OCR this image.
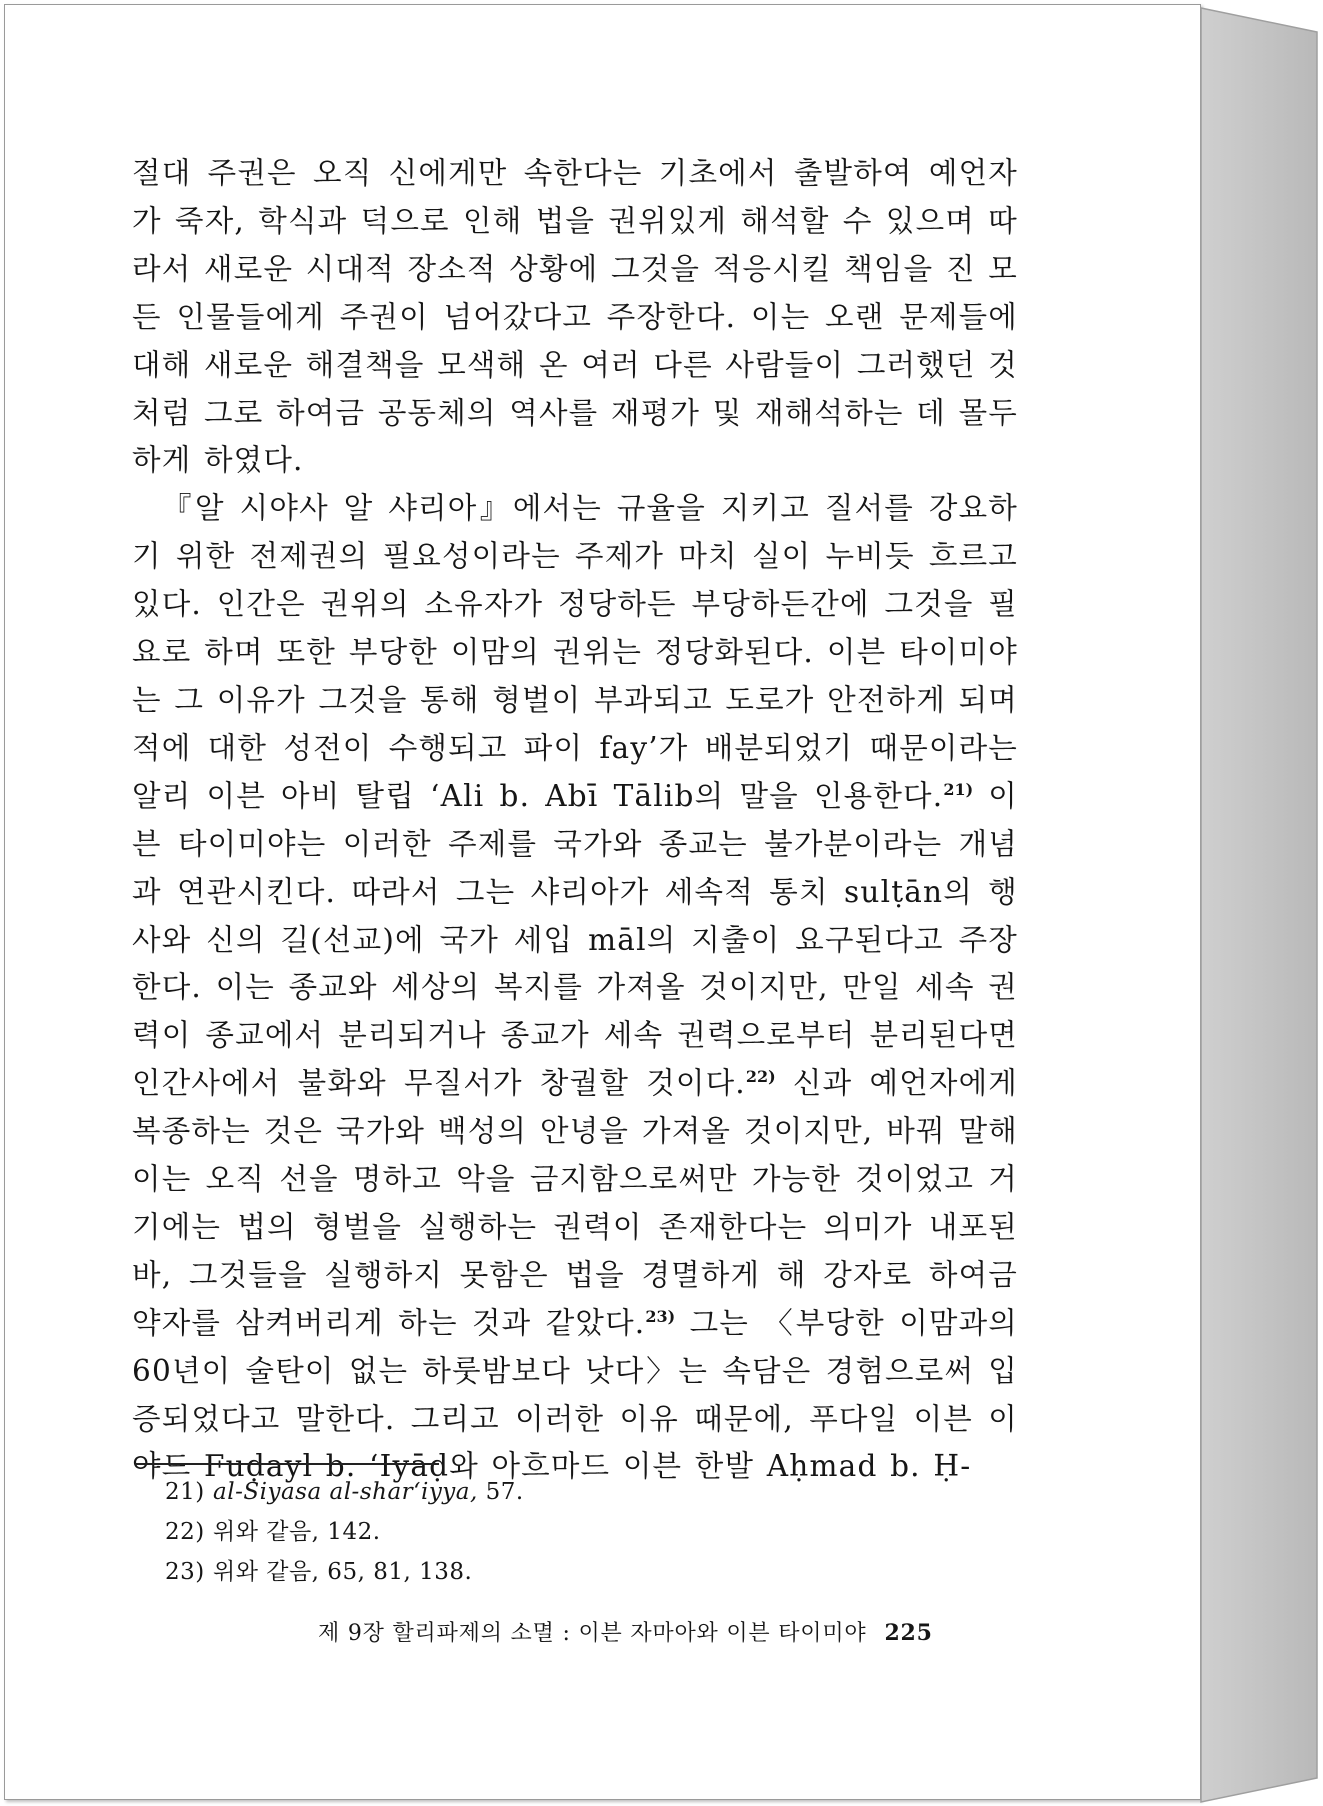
절대 주권은 오직 신에게만 속한다는 기초에서 출발하여 예언자가 죽자, 학식과 덕으로 인해 법을 권위있게 해석할 수 있으며 따라서 새로운 시대적 장소적 상황에 그것을 적응시킬 책임을 진 모든 인물들에게 주권이 넘어갔다고 주장한다. 이는 오랜 문제들에 대해 새로운 해결책을 모색해 온 여러 다른 사람들이 그러했던 것처럼 그로 하여금 공동체의 역사를 재평가 및 재해석하는 데 몰두하게 하였다.

『알 시야사 알 샤리아』에서는 규율을 지키고 질서를 강요하기 위한 전제권의 필요성이라는 주제가 마치 실이 누비듯 흐르고 있다. 인간은 권위의 소유자가 정당하든 부당하든간에 그것을 필요로 하며 또한 부당한 이맘의 권위는 정당화된다. 이븐 타이미야는 그 이유가 그것을 통해 형벌이 부과되고 도로가 안전하게 되며 적에 대한 성전이 수행되고 파이 fay’가 배분되었기 때문이라는 알리 이븐 아비 탈립 ‘Ali b. Abī Tālib의 말을 인용한다.$^{21)}$ 이븐 타이미야는 이러한 주제를 국가와 종교는 불가분이라는 개념과 연관시킨다. 따라서 그는 샤리아가 세속적 통치 sulṭān의 행사와 신의 길(선교)에 국가 세입 māl의 지출이 요구된다고 주장한다. 이는 종교와 세상의 복지를 가져올 것이지만, 만일 세속 권력이 종교에서 분리되거나 종교가 세속 권력으로부터 분리된다면 인간사에서 불화와 무질서가 창궐할 것이다.$^{22)}$ 신과 예언자에게 복종하는 것은 국가와 백성의 안녕을 가져올 것이지만, 바꿔 말해 이는 오직 선을 명하고 악을 금지함으로써만 가능한 것이었고 거기에는 법의 형벌을 실행하는 권력이 존재한다는 의미가 내포된 바, 그것들을 실행하지 못함은 법을 경멸하게 해 강자로 하여금 약자를 삼켜버리게 하는 것과 같았다.$^{23)}$ 그는 〈부당한 이맘과의 60년이 술탄이 없는 하룻밤보다 낫다〉는 속담은 경험으로써 입증되었다고 말한다. 그리고 이러한 이유 때문에, 푸다일 이븐 이야드 Fuḍayl b. ‘Iyāḍ와 아흐마드 이븐 한발 Aḥmad b. Ḥ-

21) al-Siyasa al-shar‘iyya, 57.
22) 위와 같음, 142.
23) 위와 같음, 65, 81, 138.
제 9장 할리파제의 소멸 : 이븐 자마아와 이븐 타이미야 225
